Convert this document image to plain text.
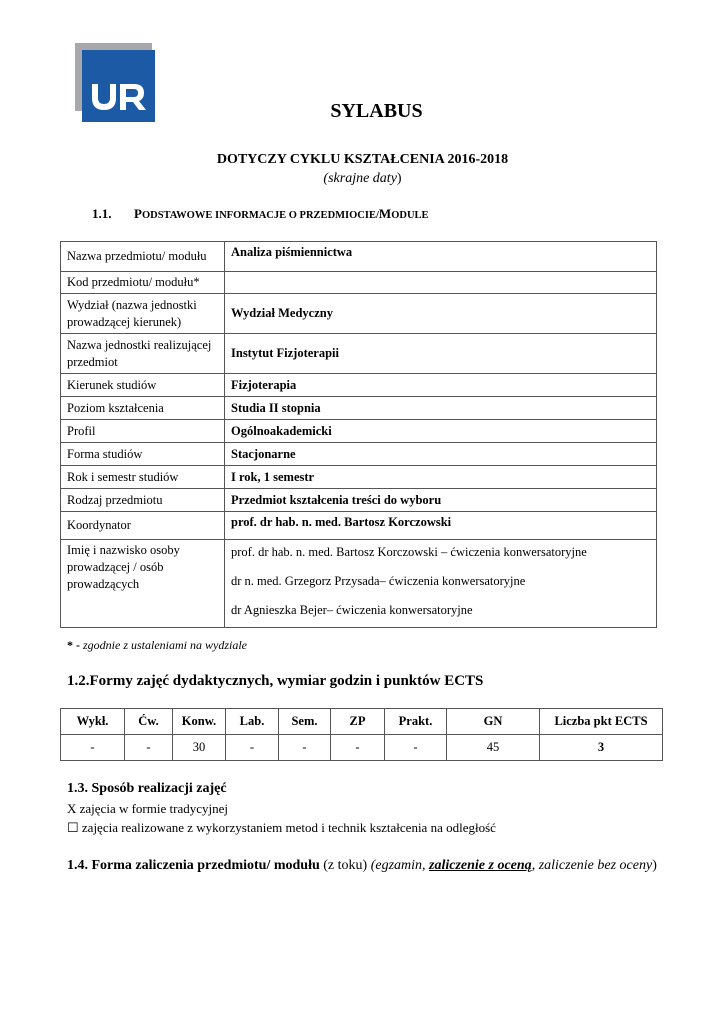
SYLABUS
DOTYCZY CYKLU KSZTAŁCENIA 2016-2018
(skrajne daty)
1.1. PODSTAWOWE INFORMACJE O PRZEDMIOCIE/MODULE
Nazwa przedmiotu/ modułu	Analiza piśmiennictwa
Kod przedmiotu/ modułu*	
Wydział (nazwa jednostki prowadzącej kierunek)	Wydział Medyczny
Nazwa jednostki realizującej przedmiot	Instytut Fizjoterapii
Kierunek studiów	Fizjoterapia
Poziom kształcenia	Studia II stopnia
Profil	Ogólnoakademicki
Forma studiów	Stacjonarne
Rok i semestr studiów	I rok, 1 semestr
Rodzaj przedmiotu	Przedmiot kształcenia treści do wyboru
Koordynator	prof. dr hab. n. med. Bartosz Korczowski
Imię i nazwisko osoby prowadzącej / osób prowadzących	prof. dr hab. n. med. Bartosz Korczowski – ćwiczenia konwersatoryjne
dr n. med. Grzegorz Przysada– ćwiczenia konwersatoryjne
dr Agnieszka Bejer– ćwiczenia konwersatoryjne
* - zgodnie z ustaleniami na wydziale
1.2.Formy zajęć dydaktycznych, wymiar godzin i punktów ECTS
Wykł.	Ćw.	Konw.	Lab.	Sem.	ZP	Prakt.	GN	Liczba pkt ECTS
-	-	30	-	-	-	-	45	3
1.3. Sposób realizacji zajęć
X zajęcia w formie tradycyjnej
☐ zajęcia realizowane z wykorzystaniem metod i technik kształcenia na odległość
1.4. Forma zaliczenia przedmiotu/ modułu (z toku) (egzamin, zaliczenie z oceną, zaliczenie bez oceny)
